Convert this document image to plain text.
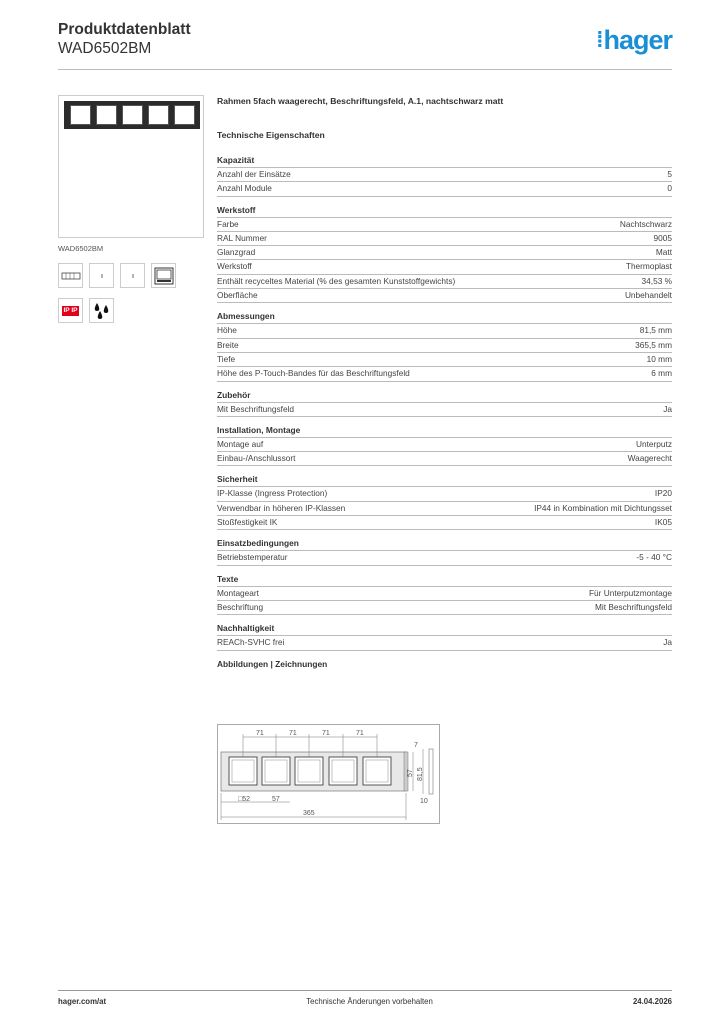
Produktdatenblatt
WAD6502BM	⁞hager
WAD6502BM
IP IP
Rahmen 5fach waagerecht, Beschriftungsfeld, A.1, nachtschwarz matt
Technische Eigenschaften
Kapazität
Anzahl der Einsätze	5
Anzahl Module	0
Werkstoff
Farbe	Nachtschwarz
RAL Nummer	9005
Glanzgrad	Matt
Werkstoff	Thermoplast
Enthält recyceltes Material (% des gesamten Kunststoffgewichts)	34,53 %
Oberfläche	Unbehandelt
Abmessungen
Höhe	81,5 mm
Breite	365,5 mm
Tiefe	10 mm
Höhe des P-Touch-Bandes für das Beschriftungsfeld	6 mm
Zubehör
Mit Beschriftungsfeld	Ja
Installation, Montage
Montage auf	Unterputz
Einbau-/Anschlussort	Waagerecht
Sicherheit
IP-Klasse (Ingress Protection)	IP20
Verwendbar in höheren IP-Klassen	IP44 in Kombination mit Dichtungsset
Stoßfestigkeit IK	IK05
Einsatzbedingungen
Betriebstemperatur	-5 - 40 °C
Texte
Montageart	Für Unterputzmontage
Beschriftung	Mit Beschriftungsfeld
Nachhaltigkeit
REACh-SVHC frei	Ja
Abbildungen | Zeichnungen
71	71	71	71
7
57 81,5
□52	57	10
365
hager.com/at	Technische Änderungen vorbehalten	24.04.2026
